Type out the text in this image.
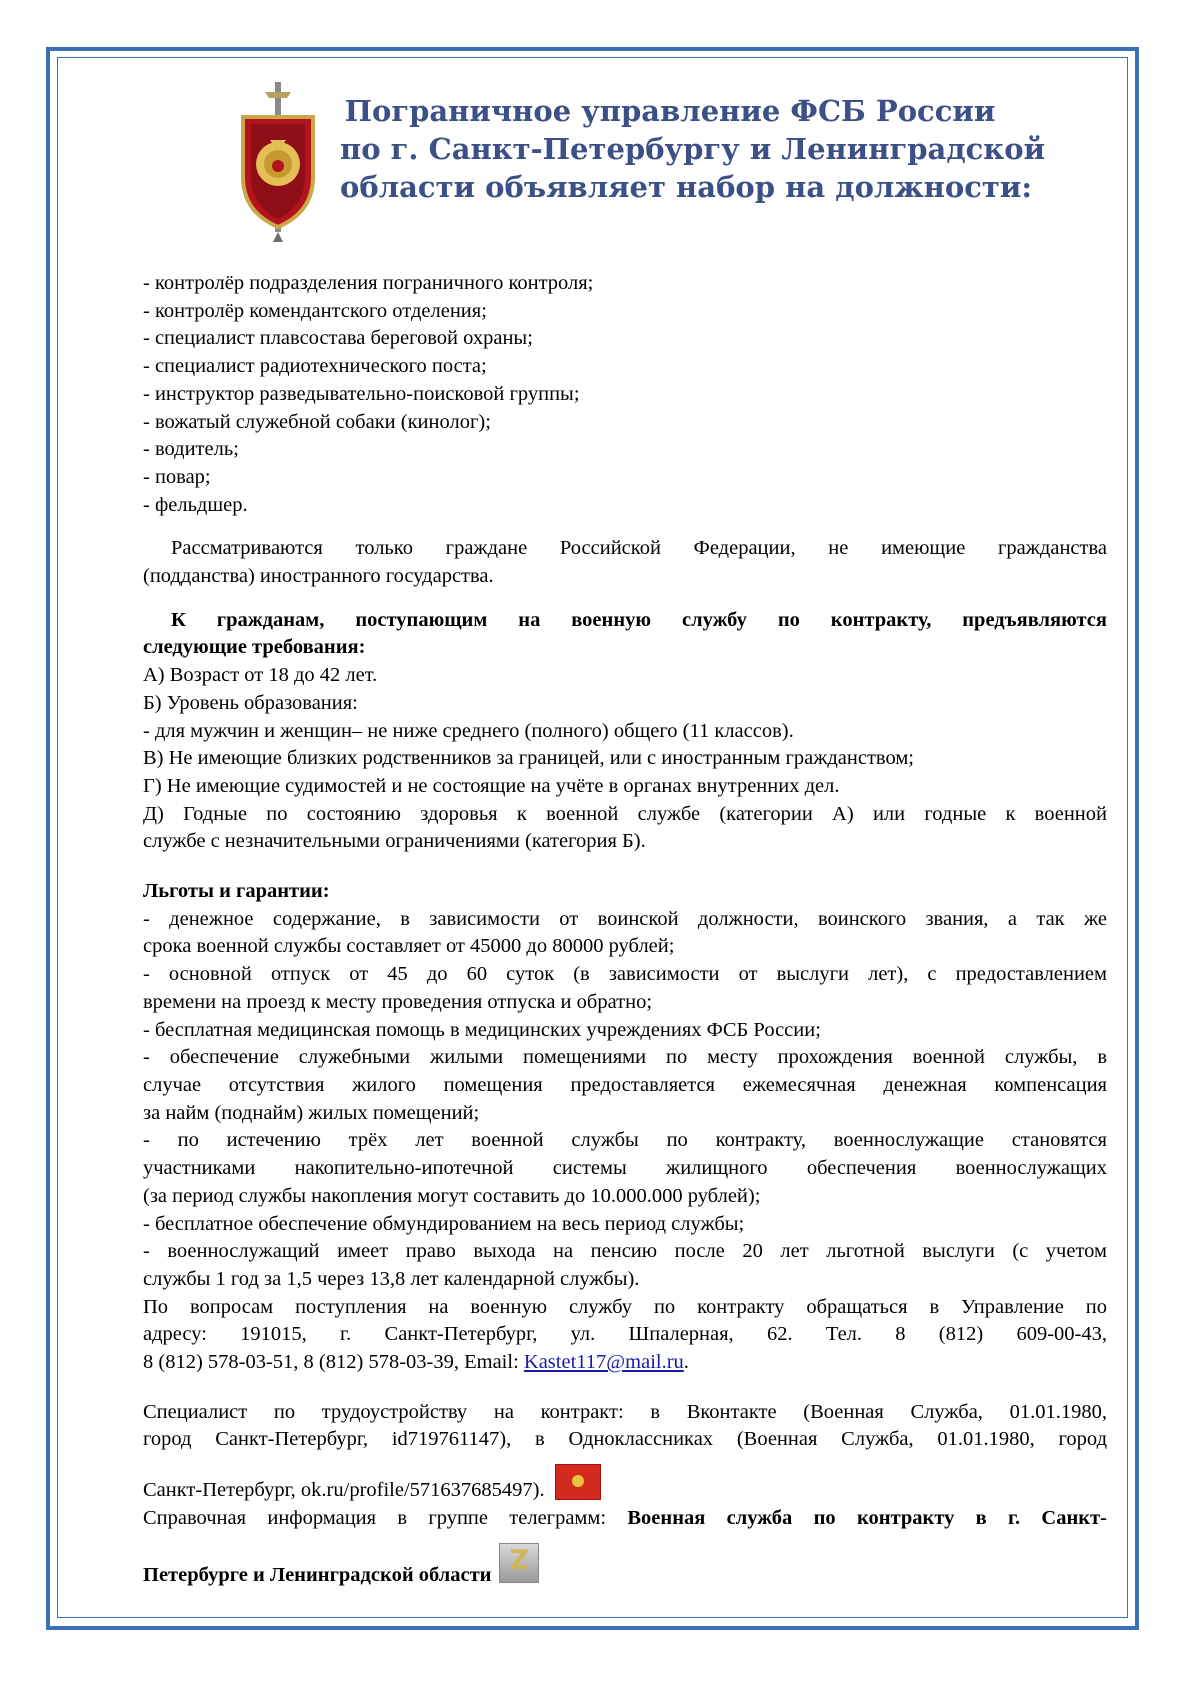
Пограничное управление ФСБ России
по г. Санкт-Петербургу и Ленинградской
области объявляет набор на должности:

- контролёр подразделения пограничного контроля;

- контролёр комендантского отделения;

- специалист плавсостава береговой охраны;

- специалист радиотехнического поста;

- инструктор разведывательно-поисковой группы;

- вожатый служебной собаки (кинолог);

- водитель;

- повар;

- фельдшер.

Рассматриваются только граждане Российской Федерации, не имеющие гражданства

(подданства) иностранного государства.

К гражданам, поступающим на военную службу по контракту, предъявляются

следующие требования:

А) Возраст от 18 до 42 лет.

Б) Уровень образования:

- для мужчин и женщин– не ниже среднего (полного) общего (11 классов).

В) Не имеющие близких родственников за границей, или с иностранным гражданством;

Г) Не имеющие судимостей и не состоящие на учёте в органах внутренних дел.

Д) Годные по состоянию здоровья к военной службе (категории А) или годные к военной

службе с незначительными ограничениями (категория Б).

Льготы и гарантии:

- денежное содержание, в зависимости от воинской должности, воинского звания, а так же

срока военной службы составляет от 45000 до 80000 рублей;

- основной отпуск от 45 до 60 суток (в зависимости от выслуги лет), с предоставлением

времени на проезд к месту проведения отпуска и обратно;

- бесплатная медицинская помощь в медицинских учреждениях ФСБ России;

- обеспечение служебными жилыми помещениями по месту прохождения военной службы, в

случае отсутствия жилого помещения предоставляется ежемесячная денежная компенсация

за найм (поднайм) жилых помещений;

- по истечению трёх лет военной службы по контракту, военнослужащие становятся

участниками накопительно-ипотечной системы жилищного обеспечения военнослужащих

(за период службы накопления могут составить до 10.000.000 рублей);

- бесплатное обеспечение обмундированием на весь период службы;

- военнослужащий имеет право выхода на пенсию после 20 лет льготной выслуги (с учетом

службы 1 год за 1,5 через 13,8 лет календарной службы).

По вопросам поступления на военную службу по контракту обращаться в Управление по

адресу: 191015, г. Санкт-Петербург, ул. Шпалерная, 62. Тел. 8 (812) 609-00-43,

8 (812) 578-03-51, 8 (812) 578-03-39, Email: Kastet117@mail.ru.

Специалист по трудоустройству на контракт: в Вконтакте (Военная Служба, 01.01.1980,

город Санкт-Петербург, id719761147), в Одноклассниках (Военная Служба, 01.01.1980, город

Санкт-Петербург, ok.ru/profile/571637685497).

Справочная информация в группе телеграмм: Военная служба по контракту в г. Санкт-

Петербурге и Ленинградской области Z
